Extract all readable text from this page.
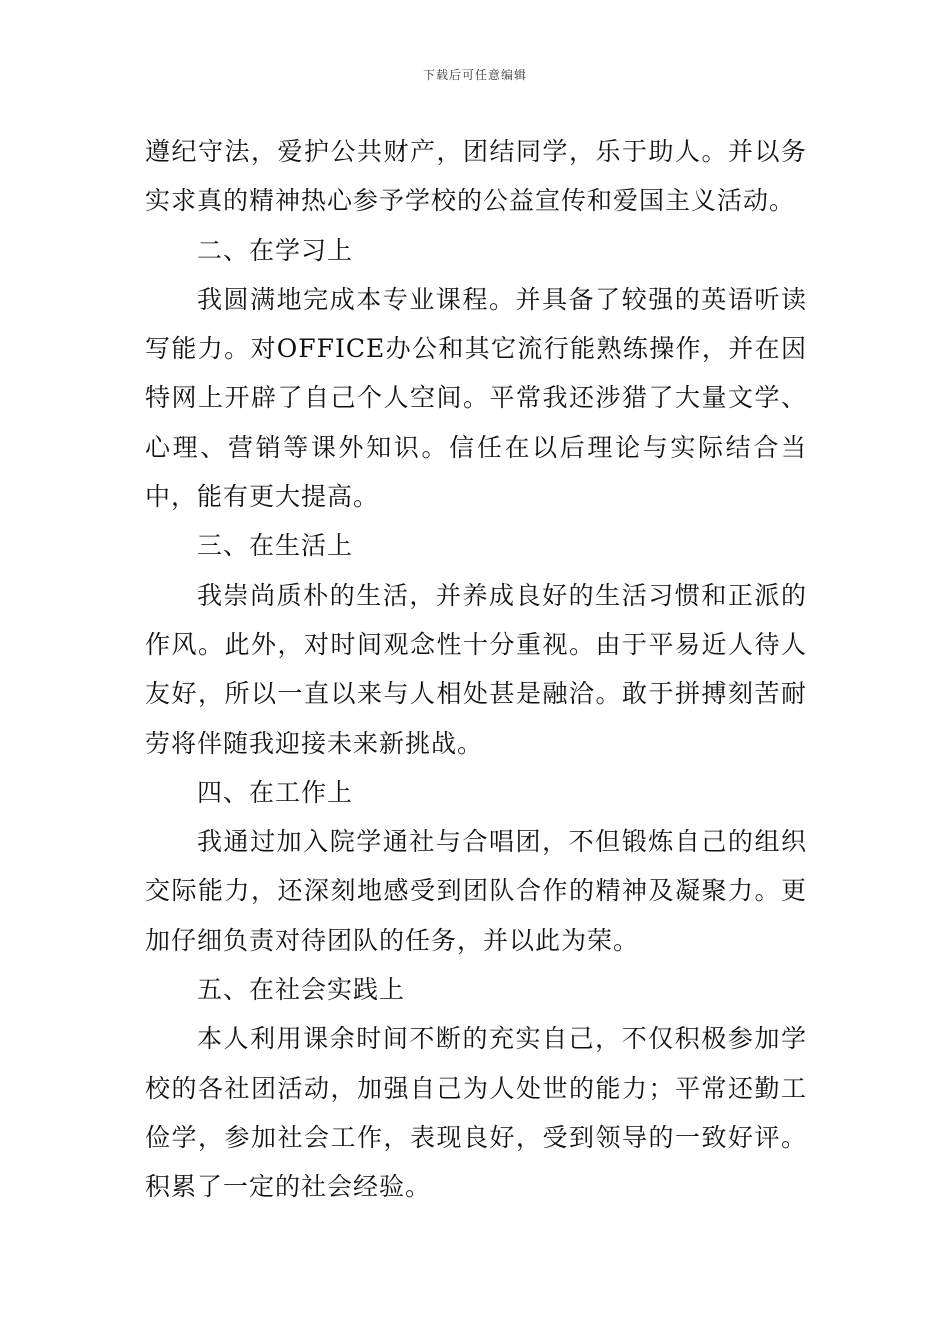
下载后可任意编辑

遵纪守法，爱护公共财产，团结同学，乐于助人。并以务实求真的精神热心参予学校的公益宣传和爱国主义活动。

二、在学习上

我圆满地完成本专业课程。并具备了较强的英语听读写能力。对OFFICE办公和其它流行能熟练操作，并在因特网上开辟了自己个人空间。平常我还涉猎了大量文学、心理、营销等课外知识。信任在以后理论与实际结合当中，能有更大提高。

三、在生活上

我崇尚质朴的生活，并养成良好的生活习惯和正派的作风。此外，对时间观念性十分重视。由于平易近人待人友好，所以一直以来与人相处甚是融洽。敢于拼搏刻苦耐劳将伴随我迎接未来新挑战。

四、在工作上

我通过加入院学通社与合唱团，不但锻炼自己的组织交际能力，还深刻地感受到团队合作的精神及凝聚力。更加仔细负责对待团队的任务，并以此为荣。

五、在社会实践上

本人利用课余时间不断的充实自己，不仅积极参加学校的各社团活动，加强自己为人处世的能力；平常还勤工俭学，参加社会工作，表现良好，受到领导的一致好评。积累了一定的社会经验。
